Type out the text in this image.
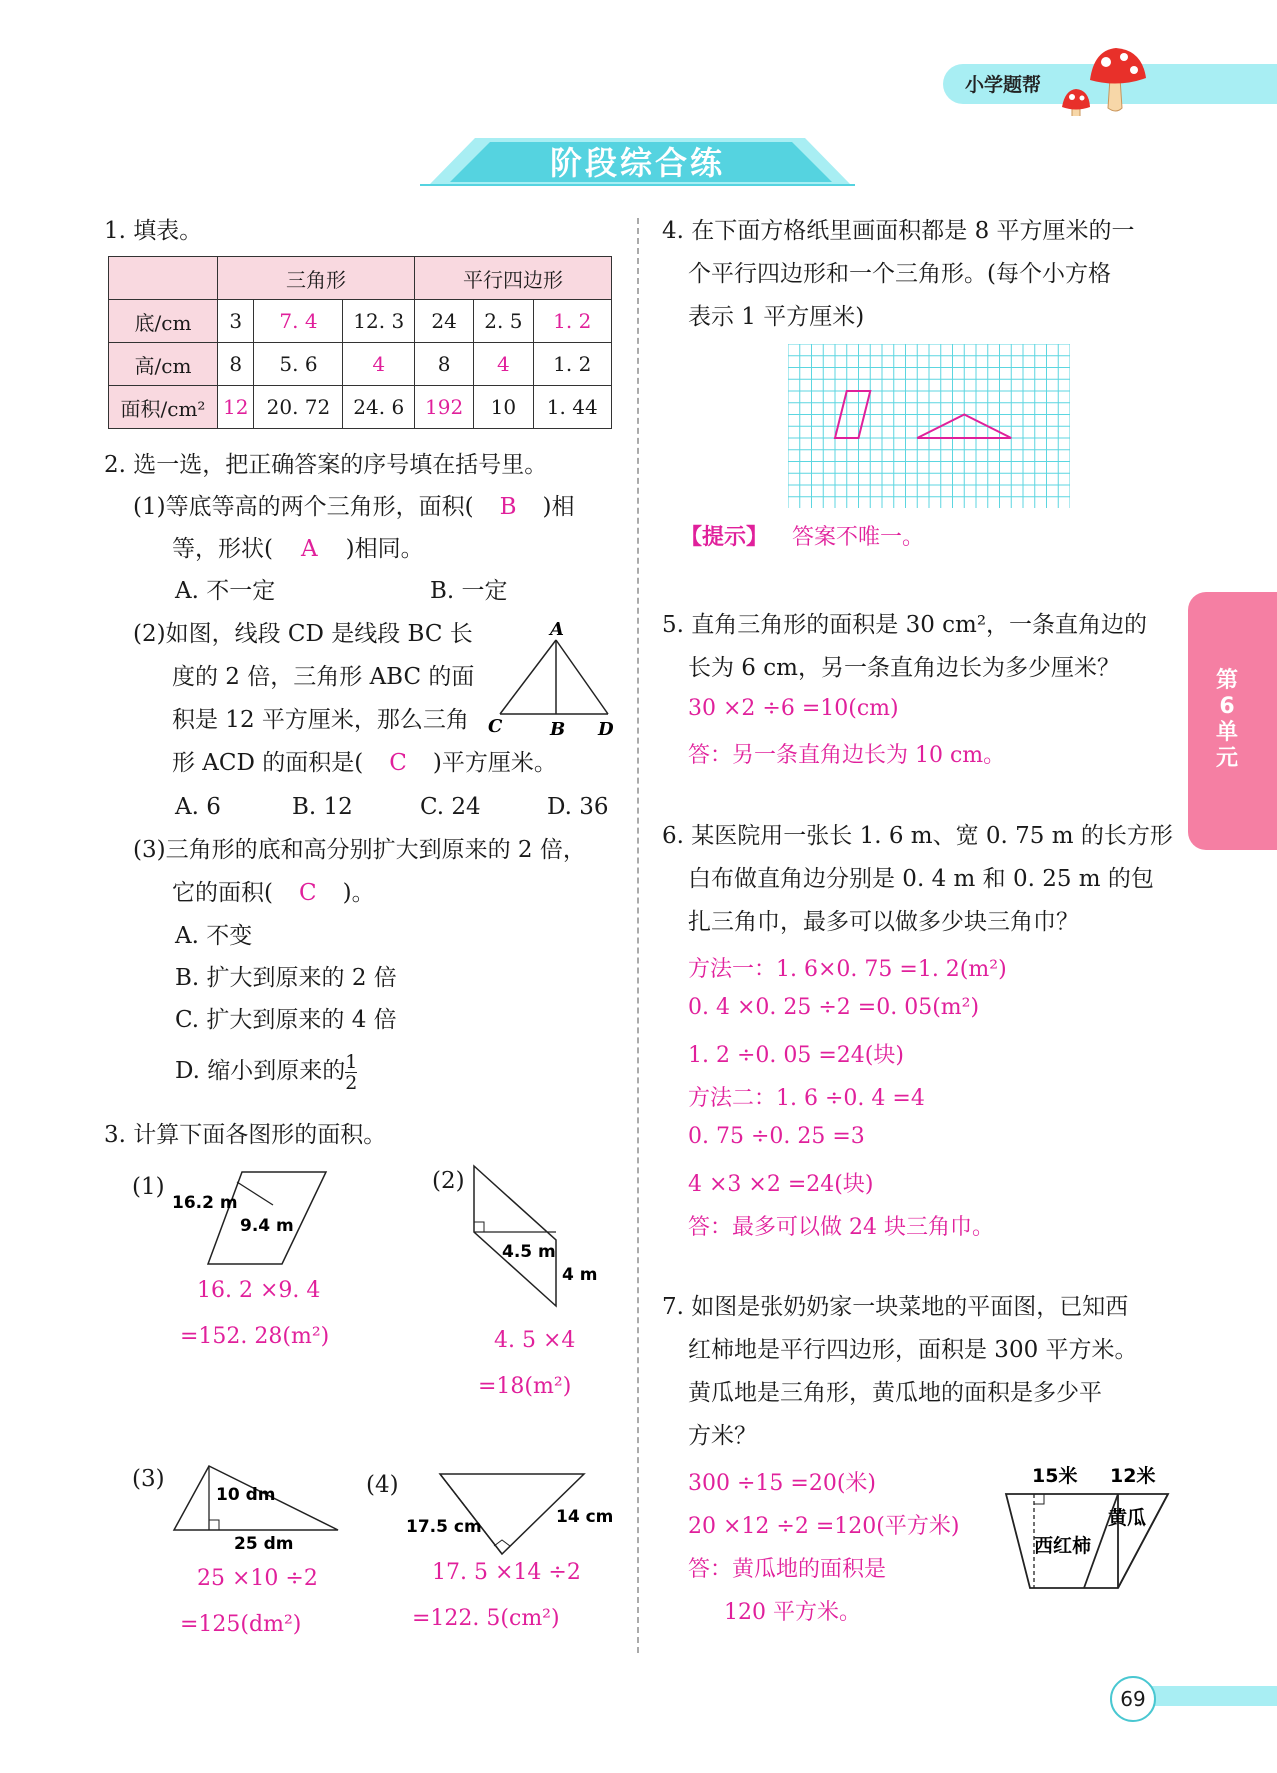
小学题帮
阶段综合练
1. 填表。
	三角形			平行四边形		
底/cm	3	7. 4	12. 3	24	2. 5	1. 2
高/cm	8	5. 6	4	8	4	1. 2
面积/cm²	12	20. 72	24. 6	192	10	1. 44
2. 选一选，把正确答案的序号填在括号里。
(1)等底等高的两个三角形，面积( B )相
等，形状( A )相同。
A. 不一定	B. 一定
(2)如图，线段 CD 是线段 BC 长
度的 2 倍，三角形 ABC 的面
积是 12 平方厘米，那么三角
形 ACD 的面积是( C )平方厘米。
A
C	B D
A. 6	B. 12	C. 24	D. 36
(3)三角形的底和高分别扩大到原来的 2 倍，
它的面积( C )。
A. 不变
B. 扩大到原来的 2 倍
C. 扩大到原来的 4 倍
D. 缩小到原来的 $\frac{1}{2}$
3. 计算下面各图形的面积。
(1)
16.2 m
9.4 m
16. 2 ×9. 4
=152. 28(m²)
(2)
4.5 m
4 m
4. 5 ×4
=18(m²)
(3)
10 dm
25 dm
25 ×10 ÷2
=125(dm²)
(4)
17.5 cm	14 cm
17. 5 ×14 ÷2
=122. 5(cm²)
4. 在下面方格纸里画面积都是 8 平方厘米的一
个平行四边形和一个三角形。(每个小方格
表示 1 平方厘米)
【提示】 答案不唯一。
5. 直角三角形的面积是 30 cm²，一条直角边的
长为 6 cm，另一条直角边长为多少厘米？
30 ×2 ÷6 =10(cm)
答：另一条直角边长为 10 cm。
6. 某医院用一张长 1. 6 m、宽 0. 75 m 的长方形
白布做直角边分别是 0. 4 m 和 0. 25 m 的包
扎三角巾，最多可以做多少块三角巾？
方法一：1. 6×0. 75 =1. 2(m²)
0. 4 ×0. 25 ÷2 =0. 05(m²)
1. 2 ÷0. 05 =24(块)
方法二：1. 6 ÷0. 4 =4
0. 75 ÷0. 25 =3
4 ×3 ×2 =24(块)
答：最多可以做 24 块三角巾。
7. 如图是张奶奶家一块菜地的平面图，已知西
红柿地是平行四边形，面积是 300 平方米。
黄瓜地是三角形，黄瓜地的面积是多少平
方米？
300 ÷15 =20(米)
20 ×12 ÷2 =120(平方米)
答：黄瓜地的面积是
120 平方米。
15米 12米
西红柿
黄瓜
第
6
单
元
69
